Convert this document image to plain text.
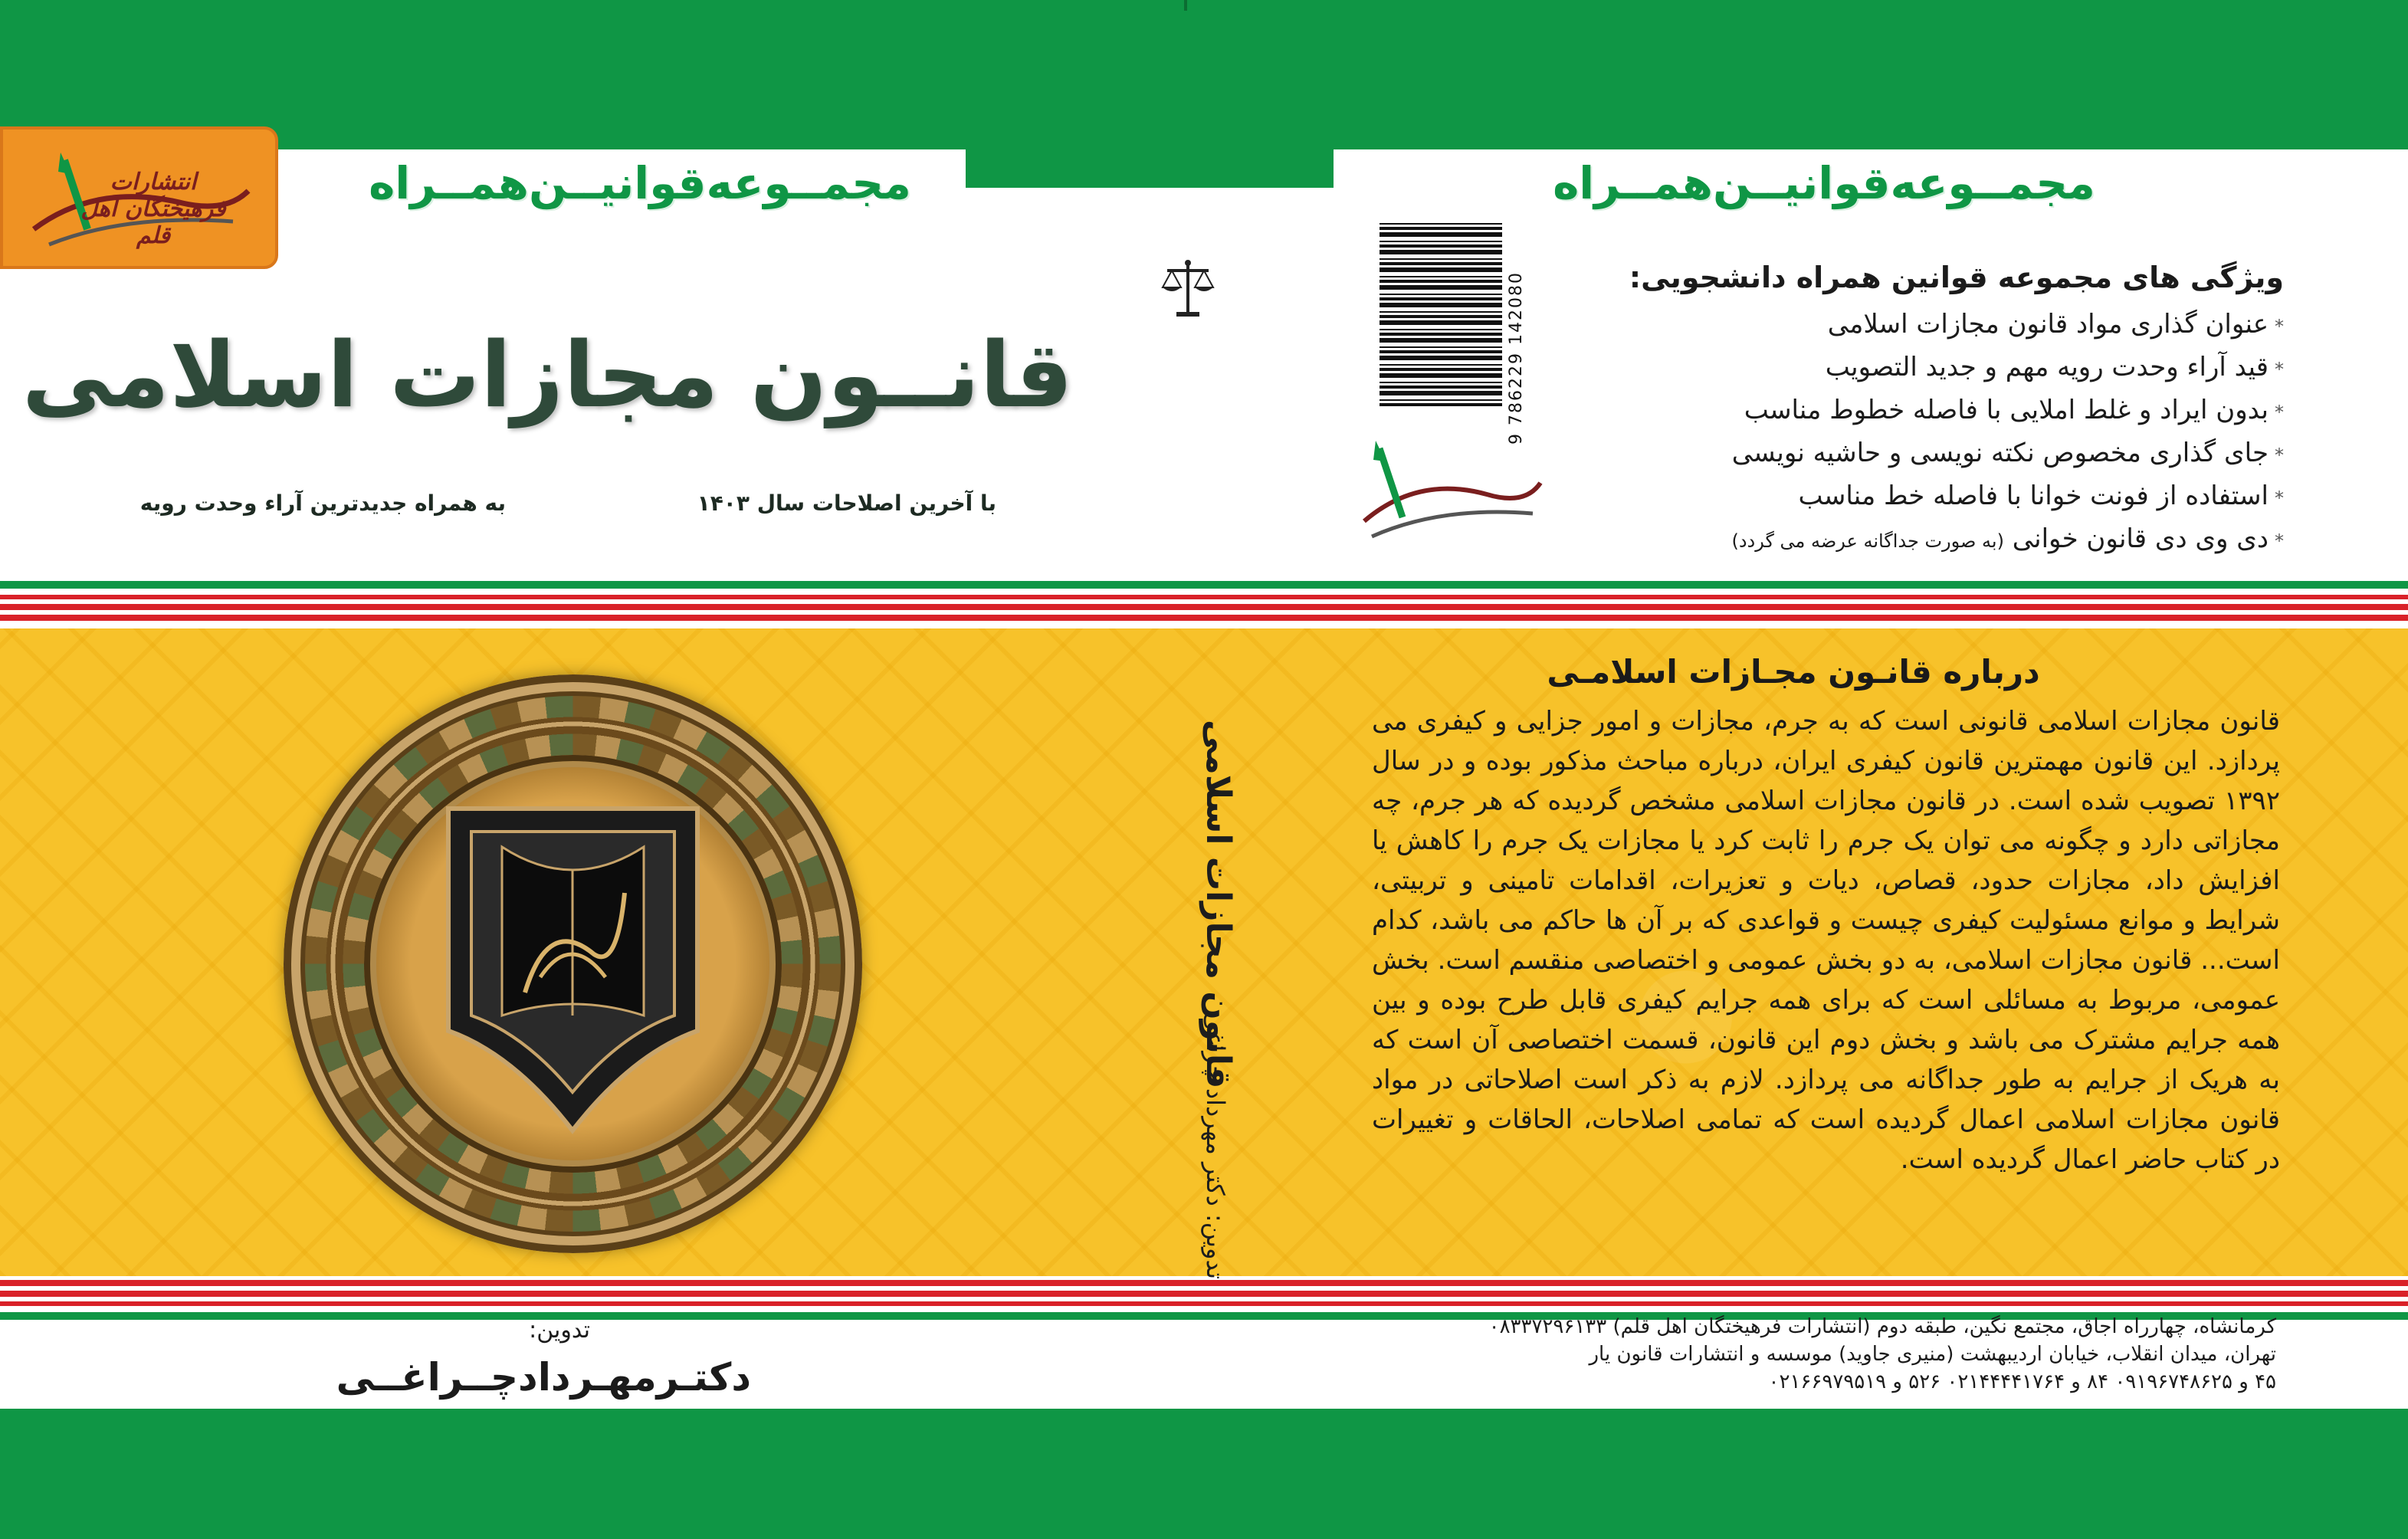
مجمــوعه‌قوانیــن‌همــراه	مجمــوعه‌قوانیــن‌همــراه
انتشارات فرهیختگان اهل قلم
قانــون مجازات اسلامی
با آخرین اصلاحات سال ۱۴۰۳
به همراه جدیدترین آراء وحدت رویه
9 786229 142080	ویژگی های مجموعه قوانین همراه دانشجویی:
*عنوان گذاری مواد قانون مجازات اسلامی
*قید آراء وحدت رویه مهم و جدید التصویب
*بدون ایراد و غلط املایی با فاصله خطوط مناسب
*جای گذاری مخصوص نکته نویسی و حاشیه نویسی
*استفاده از فونت خوانا با فاصله خط مناسب
*دی وی دی قانون خوانی (به صورت جداگانه عرضه می گردد)
قانون مجازات اسلامی
تدوین: دکتر مهرداد چراغی
درباره قانـون مجـازات اسلامـی
قانون مجازات اسلامی قانونی است که به جرم، مجازات و امور جزایی و کیفری می پردازد. این قانون مهمترین قانون کیفری ایران، درباره مباحث مذکور بوده و در سال ۱۳۹۲ تصویب شده است. در قانون مجازات اسلامی مشخص گردیده که هر جرم، چه مجازاتی دارد و چگونه می توان یک جرم را ثابت کرد یا مجازات یک جرم را کاهش یا افزایش داد، مجازات حدود، قصاص، دیات و تعزیرات، اقدامات تامینی و تربیتی، شرایط و موانع مسئولیت کیفری چیست و قواعدی که بر آن ها حاکم می باشد، کدام است... قانون مجازات اسلامی، به دو بخش عمومی و اختصاصی منقسم است. بخش عمومی، مربوط به مسائلی است که برای همه جرایم کیفری قابل طرح بوده و بین همه جرایم مشترک می باشد و بخش دوم این قانون، قسمت اختصاصی آن است که به هریک از جرایم به طور جداگانه می پردازد. لازم به ذکر است اصلاحاتی در مواد قانون مجازات اسلامی اعمال گردیده است که تمامی اصلاحات، الحاقات و تغییرات در کتاب حاضر اعمال گردیده است.
تدوین:
دکتـرمهـردادچــراغــی
کرمانشاه، چهارراه اجاق، مجتمع نگین، طبقه دوم (انتشارات فرهیختگان اهل قلم) ۰۸۳۳۷۲۹۶۱۳۳
تهران، میدان انقلاب، خیابان اردیبهشت (منیری جاوید) موسسه و انتشارات قانون یار
۴۵ و ۰۹۱۹۶۷۴۸۶۲۵ ۸۴ و ۰۲۱۴۴۴۴۱۷۶۴ ۵۲۶ و ۰۲۱۶۶۹۷۹۵۱۹
